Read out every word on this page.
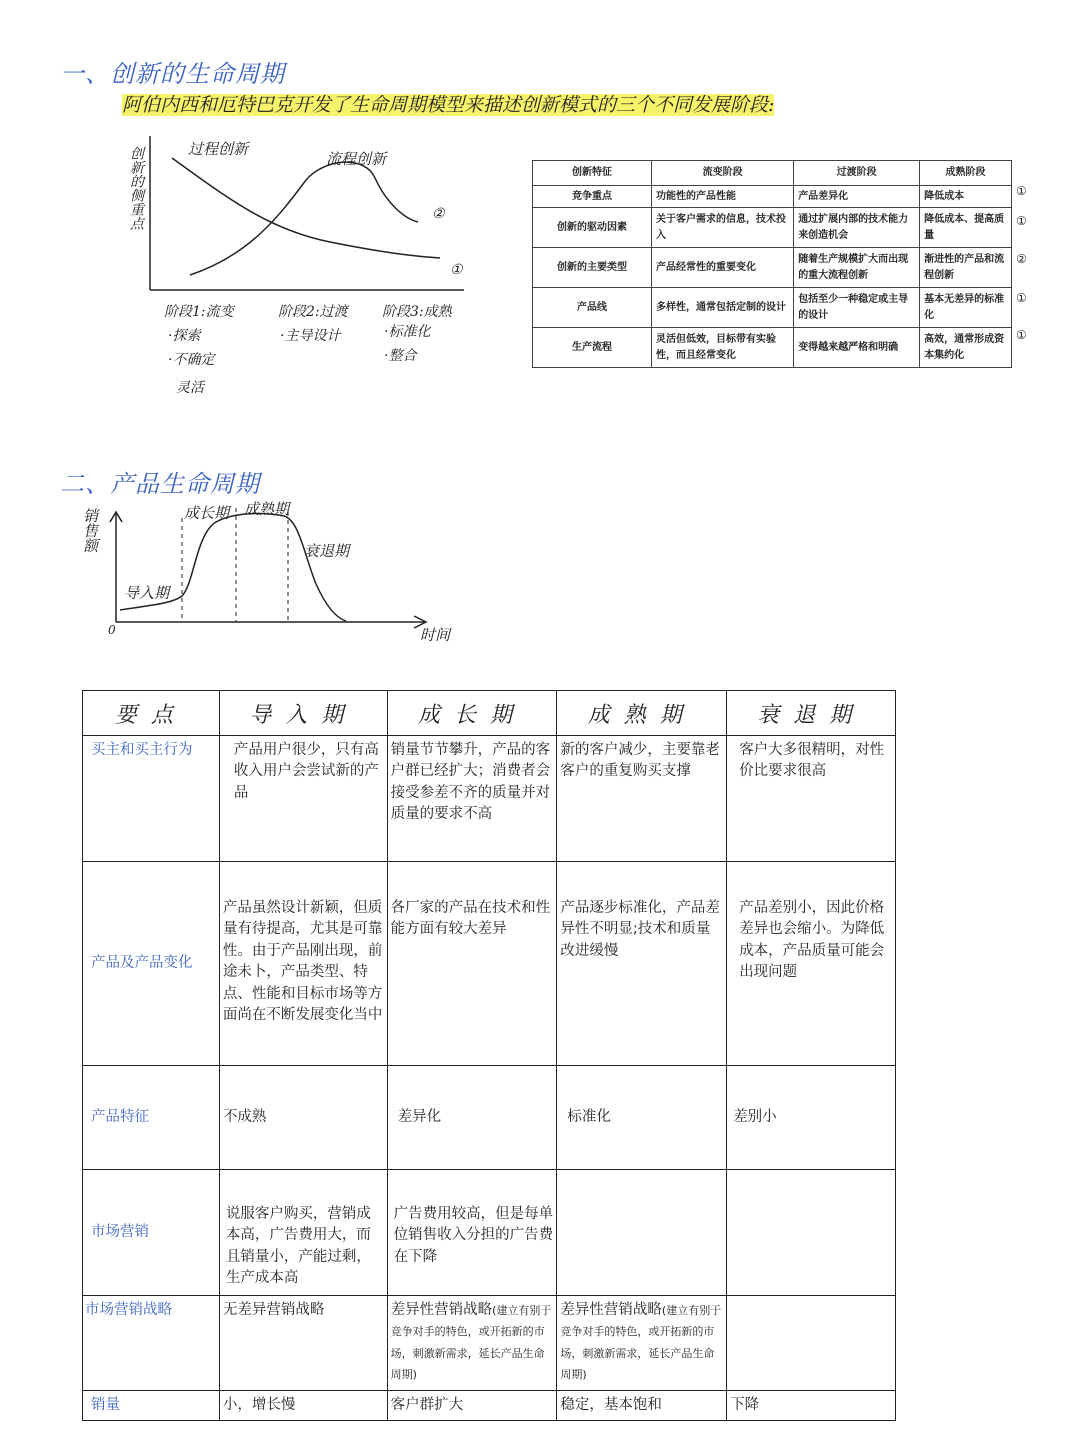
一、创新的生命周期
阿伯内西和厄特巴克开发了生命周期模型来描述创新模式的三个不同发展阶段:
创新的侧重点	过程创新
流程创新
②
①
阶段1:流变
·探索
·不确定
灵活
阶段2:过渡
·主导设计
阶段3:成熟
·标准化
·整合
创新特征	流变阶段	过渡阶段	成熟阶段
竞争重点	功能性的产品性能	产品差异化	降低成本
创新的驱动因素	关于客户需求的信息，技术投入	通过扩展内部的技术能力来创造机会	降低成本、提高质量
创新的主要类型	产品经常性的重要变化	随着生产规模扩大而出现的重大流程创新	渐进性的产品和流程创新
产品线	多样性，通常包括定制的设计	包括至少一种稳定或主导的设计	基本无差异的标准化
生产流程	灵活但低效，目标带有实验性，而且经常变化	变得越来越严格和明确	高效，通常形成资本集约化
①
①
②
①
①
二、产品生命周期
销售额
时间
0
导入期
成长期 成熟期
衰退期
要点	导入期	成长期	成熟期	衰退期
买主和买主行为	产品用户很少，只有高收入用户会尝试新的产品	销量节节攀升，产品的客户群已经扩大；消费者会接受参差不齐的质量并对质量的要求不高	新的客户减少，主要靠老客户的重复购买支撑	客户大多很精明，对性价比要求很高
产品及产品变化	产品虽然设计新颖，但质量有待提高，尤其是可靠性。由于产品刚出现，前途未卜，产品类型、特点、性能和目标市场等方面尚在不断发展变化当中	各厂家的产品在技术和性能方面有较大差异	产品逐步标准化，产品差异性不明显;技术和质量改进缓慢	产品差别小，因此价格差异也会缩小。为降低成本，产品质量可能会出现问题
产品特征	不成熟	差异化	标准化	差别小
市场营销	说服客户购买，营销成本高，广告费用大，而且销量小，产能过剩，生产成本高	广告费用较高，但是每单位销售收入分担的广告费在下降		
市场营销战略	无差异营销战略	差异性营销战略(建立有别于竞争对手的特色，或开拓新的市场，刺激新需求，延长产品生命周期)	差异性营销战略(建立有别于竞争对手的特色，或开拓新的市场，刺激新需求，延长产品生命周期)	
销量	小，增长慢	客户群扩大	稳定，基本饱和	下降
